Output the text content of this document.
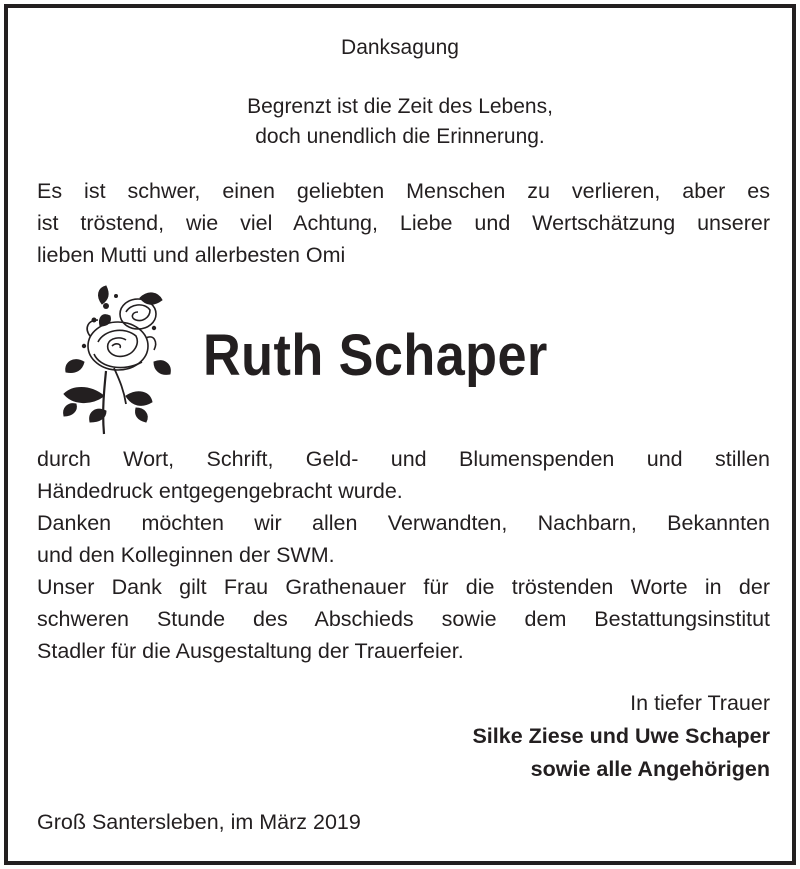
Danksagung
Begrenzt ist die Zeit des Lebens,
doch unendlich die Erinnerung.
Es ist schwer, einen geliebten Menschen zu verlieren, aber es
ist tröstend, wie viel Achtung, Liebe und Wertschätzung unserer
lieben Mutti und allerbesten Omi
Ruth Schaper
durch Wort, Schrift, Geld- und Blumenspenden und stillen
Händedruck entgegengebracht wurde.
Danken möchten wir allen Verwandten, Nachbarn, Bekannten
und den Kolleginnen der SWM.
Unser Dank gilt Frau Grathenauer für die tröstenden Worte in der
schweren Stunde des Abschieds sowie dem Bestattungsinstitut
Stadler für die Ausgestaltung der Trauerfeier.
In tiefer Trauer
Silke Ziese und Uwe Schaper
sowie alle Angehörigen
Groß Santersleben, im März 2019
